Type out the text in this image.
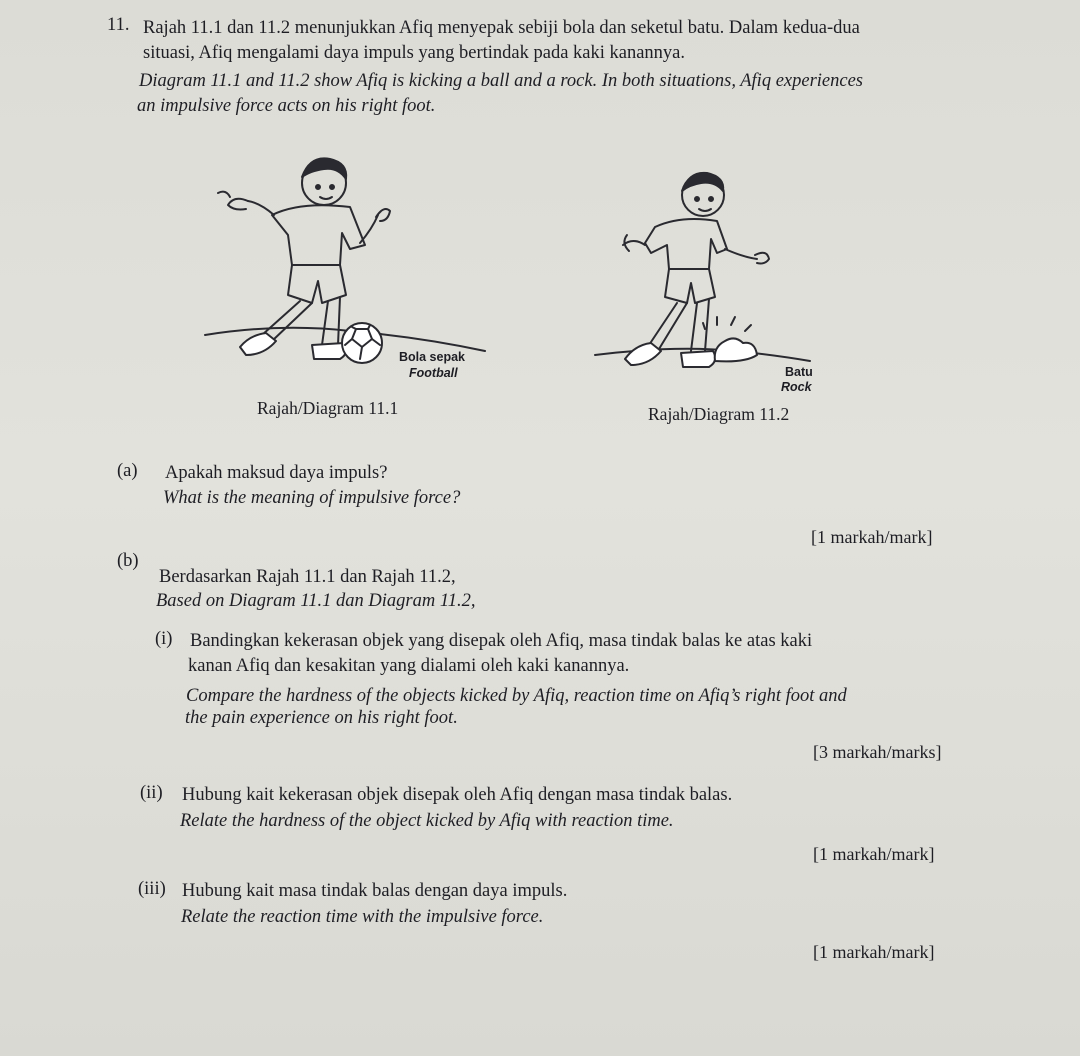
11. Rajah 11.1 dan 11.2 menunjukkan Afiq menyepak sebiji bola dan seketul batu. Dalam kedua-dua
situasi, Afiq mengalami daya impuls yang bertindak pada kaki kanannya.
Diagram 11.1 and 11.2 show Afiq is kicking a ball and a rock. In both situations, Afiq experiences
an impulsive force acts on his right foot.
Bola sepak
Football
Rajah/Diagram 11.1
Batu
Rock
Rajah/Diagram 11.2
(a) Apakah maksud daya impuls?
What is the meaning of impulsive force?
[1 markah/mark]
(b)
Berdasarkan Rajah 11.1 dan Rajah 11.2,
Based on Diagram 11.1 dan Diagram 11.2,
(i) Bandingkan kekerasan objek yang disepak oleh Afiq, masa tindak balas ke atas kaki
kanan Afiq dan kesakitan yang dialami oleh kaki kanannya.
Compare the hardness of the objects kicked by Afiq, reaction time on Afiq’s right foot and
the pain experience on his right foot.
[3 markah/marks]
(ii) Hubung kait kekerasan objek disepak oleh Afiq dengan masa tindak balas.
Relate the hardness of the object kicked by Afiq with reaction time.
[1 markah/mark]
(iii) Hubung kait masa tindak balas dengan daya impuls.
Relate the reaction time with the impulsive force.
[1 markah/mark]
